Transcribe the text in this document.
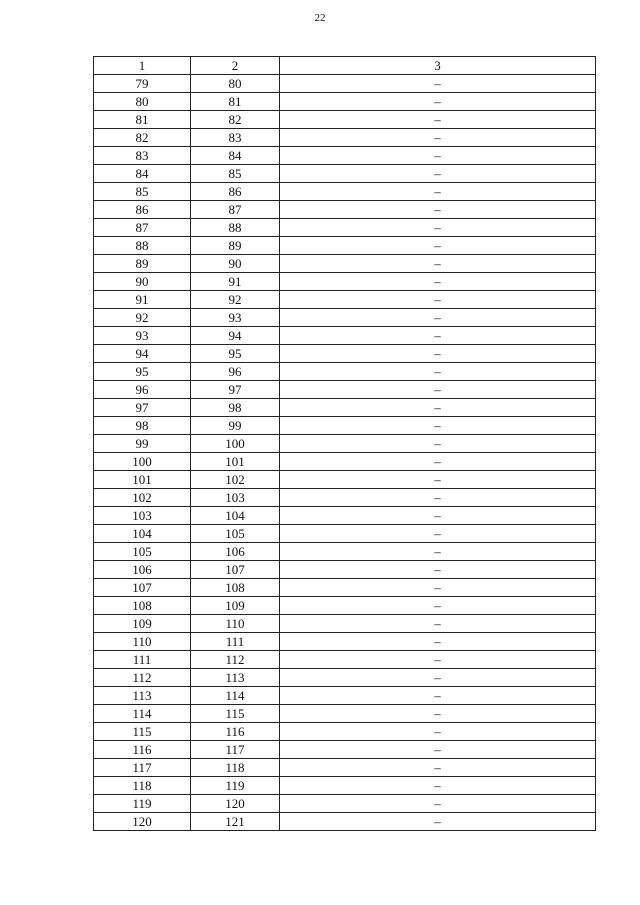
22
1	2	3
79	80	–
80	81	–
81	82	–
82	83	–
83	84	–
84	85	–
85	86	–
86	87	–
87	88	–
88	89	–
89	90	–
90	91	–
91	92	–
92	93	–
93	94	–
94	95	–
95	96	–
96	97	–
97	98	–
98	99	–
99	100	–
100	101	–
101	102	–
102	103	–
103	104	–
104	105	–
105	106	–
106	107	–
107	108	–
108	109	–
109	110	–
110	111	–
111	112	–
112	113	–
113	114	–
114	115	–
115	116	–
116	117	–
117	118	–
118	119	–
119	120	–
120	121	–
